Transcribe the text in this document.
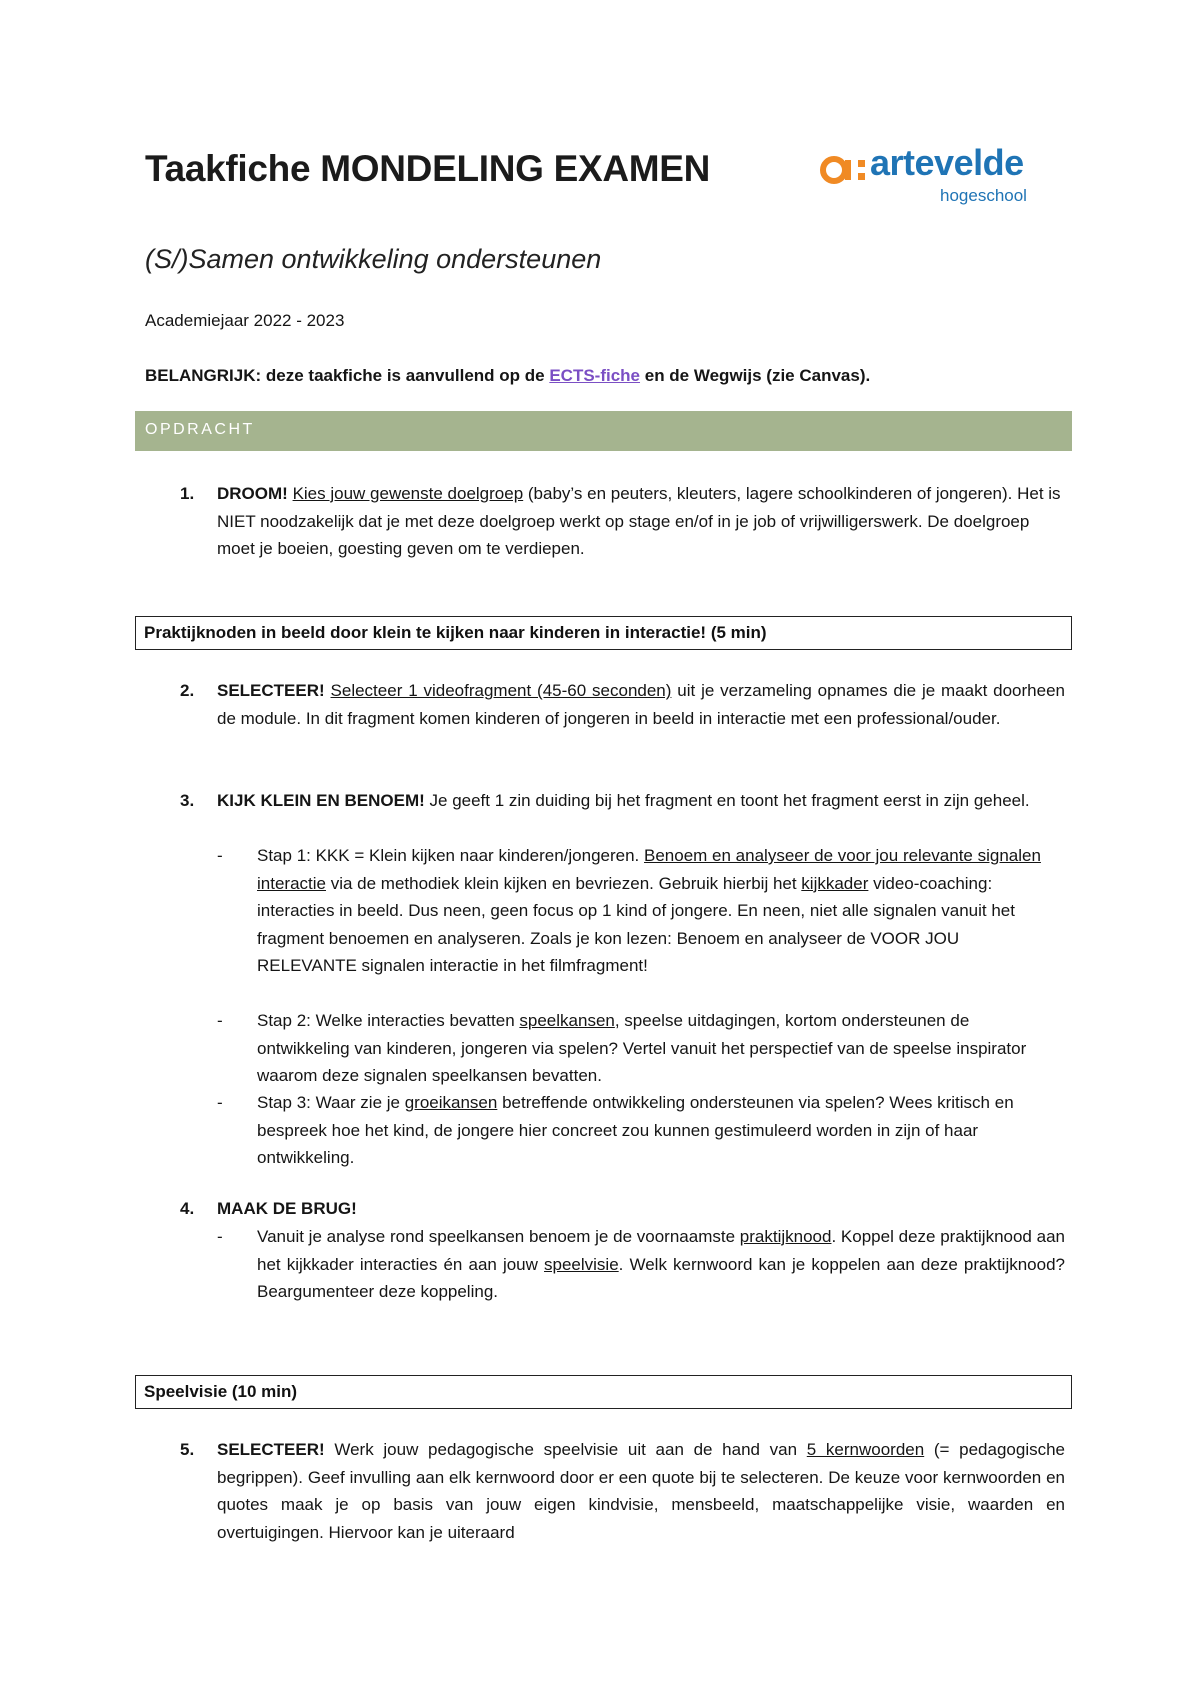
Taakfiche MONDELING EXAMEN	artevelde
hogeschool
(S/)Samen ontwikkeling ondersteunen
Academiejaar 2022 - 2023
BELANGRIJK: deze taakfiche is aanvullend op de ECTS-fiche en de Wegwijs (zie Canvas).
OPDRACHT
1. DROOM! Kies jouw gewenste doelgroep (baby’s en peuters, kleuters, lagere schoolkinderen of jongeren). Het is NIET noodzakelijk dat je met deze doelgroep werkt op stage en/of in je job of vrijwilligerswerk. De doelgroep moet je boeien, goesting geven om te verdiepen.
Praktijknoden in beeld door klein te kijken naar kinderen in interactie! (5 min)
2. SELECTEER! Selecteer 1 videofragment (45-60 seconden) uit je verzameling opnames die je maakt doorheen de module. In dit fragment komen kinderen of jongeren in beeld in interactie met een professional/ouder.
3. KIJK KLEIN EN BENOEM! Je geeft 1 zin duiding bij het fragment en toont het fragment eerst in zijn geheel.
- Stap 1: KKK = Klein kijken naar kinderen/jongeren. Benoem en analyseer de voor jou relevante signalen interactie via de methodiek klein kijken en bevriezen. Gebruik hierbij het kijkkader video-coaching: interacties in beeld. Dus neen, geen focus op 1 kind of jongere. En neen, niet alle signalen vanuit het fragment benoemen en analyseren. Zoals je kon lezen: Benoem en analyseer de VOOR JOU RELEVANTE signalen interactie in het filmfragment!
- Stap 2: Welke interacties bevatten speelkansen, speelse uitdagingen, kortom ondersteunen de ontwikkeling van kinderen, jongeren via spelen? Vertel vanuit het perspectief van de speelse inspirator waarom deze signalen speelkansen bevatten.
- Stap 3: Waar zie je groeikansen betreffende ontwikkeling ondersteunen via spelen? Wees kritisch en bespreek hoe het kind, de jongere hier concreet zou kunnen gestimuleerd worden in zijn of haar ontwikkeling.
4. MAAK DE BRUG!
- Vanuit je analyse rond speelkansen benoem je de voornaamste praktijknood. Koppel deze praktijknood aan het kijkkader interacties én aan jouw speelvisie. Welk kernwoord kan je koppelen aan deze praktijknood? Beargumenteer deze koppeling.
Speelvisie (10 min)
5. SELECTEER! Werk jouw pedagogische speelvisie uit aan de hand van 5 kernwoorden (= pedagogische begrippen). Geef invulling aan elk kernwoord door er een quote bij te selecteren. De keuze voor kernwoorden en quotes maak je op basis van jouw eigen kindvisie, mensbeeld, maatschappelijke visie, waarden en overtuigingen. Hiervoor kan je uiteraard
